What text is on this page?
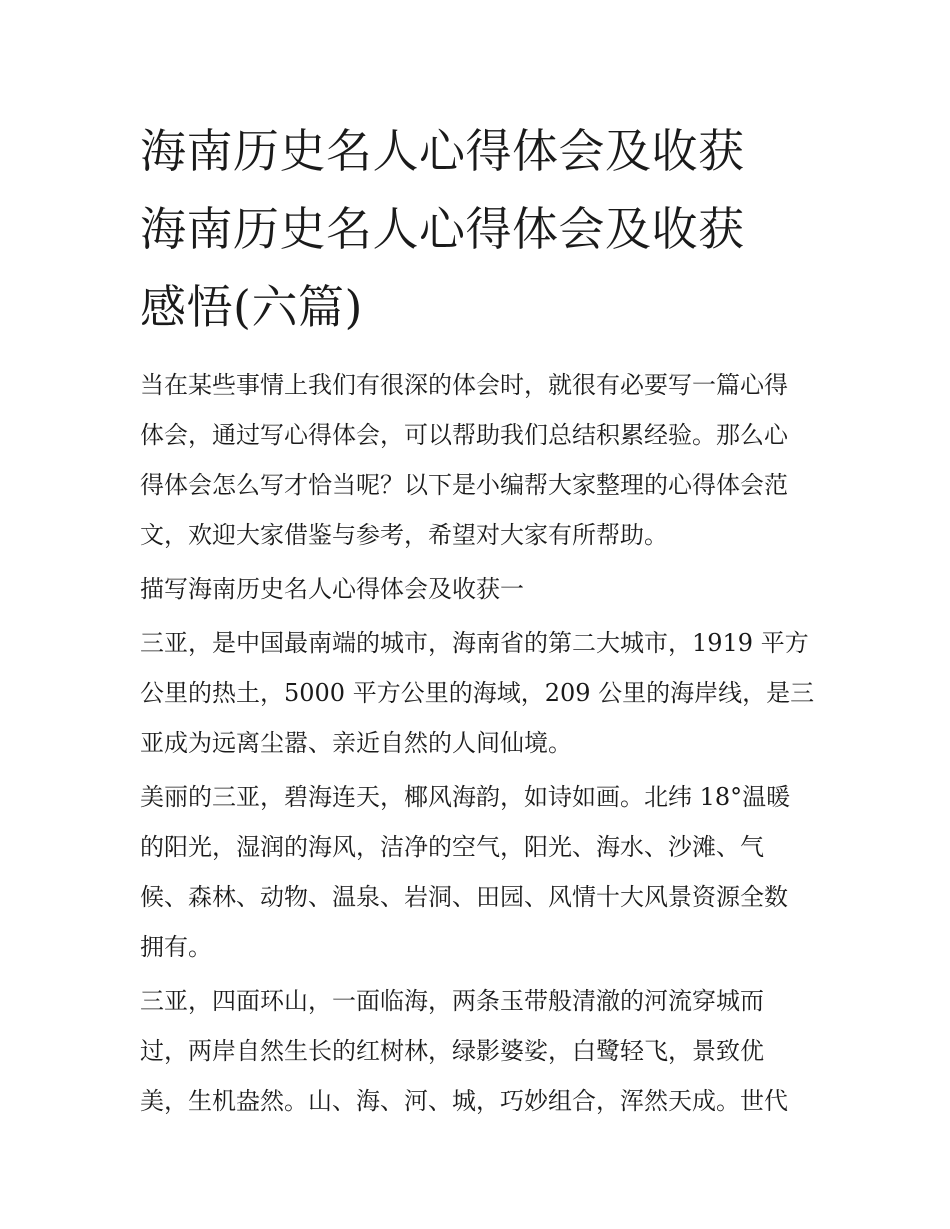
海南历史名人心得体会及收获
海南历史名人心得体会及收获
感悟(六篇)

当在某些事情上我们有很深的体会时，就很有必要写一篇心得
体会，通过写心得体会，可以帮助我们总结积累经验。那么心
得体会怎么写才恰当呢？以下是小编帮大家整理的心得体会范
文，欢迎大家借鉴与参考，希望对大家有所帮助。

描写海南历史名人心得体会及收获一

三亚，是中国最南端的城市，海南省的第二大城市，1919 平方
公里的热土，5000 平方公里的海域，209 公里的海岸线，是三
亚成为远离尘嚣、亲近自然的人间仙境。

美丽的三亚，碧海连天，椰风海韵，如诗如画。北纬 18°温暖
的阳光，湿润的海风，洁净的空气，阳光、海水、沙滩、气
候、森林、动物、温泉、岩洞、田园、风情十大风景资源全数
拥有。

三亚，四面环山，一面临海，两条玉带般清澈的河流穿城而
过，两岸自然生长的红树林，绿影婆娑，白鹭轻飞，景致优
美，生机盎然。山、海、河、城，巧妙组合，浑然天成。世代
